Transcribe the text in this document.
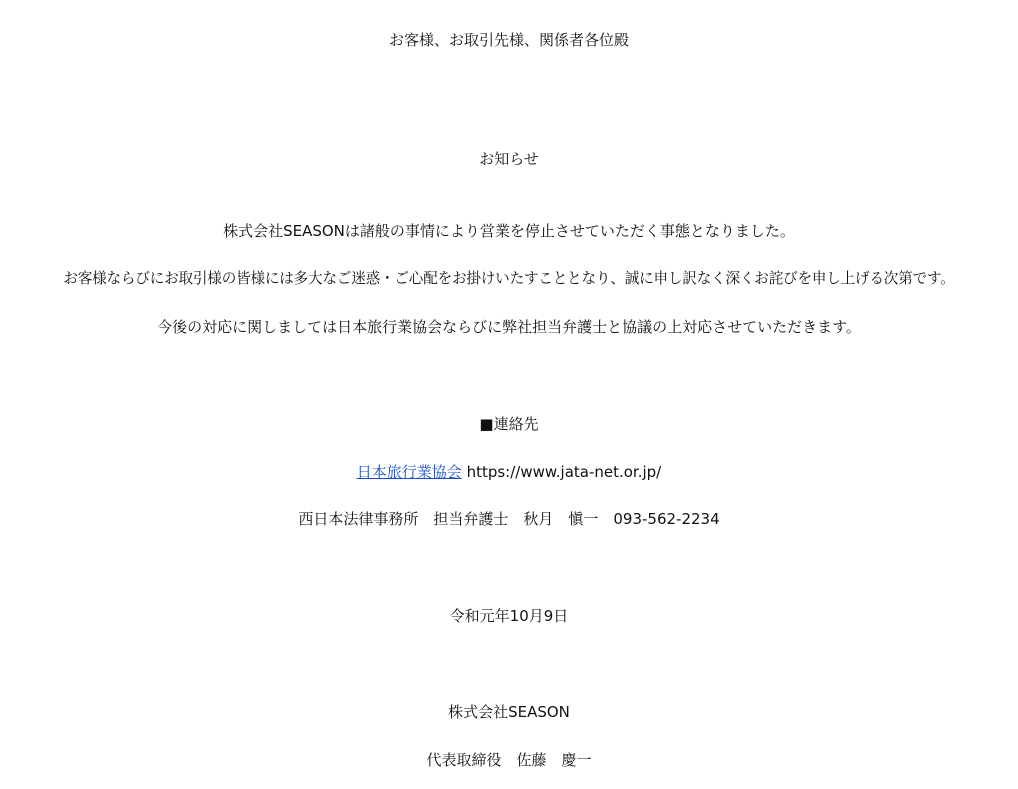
お客様、お取引先様、関係者各位殿
お知らせ
株式会社SEASONは諸般の事情により営業を停止させていただく事態となりました。
お客様ならびにお取引様の皆様には多大なご迷惑・ご心配をお掛けいたすこととなり、誠に申し訳なく深くお詫びを申し上げる次第です。
今後の対応に関しましては日本旅行業協会ならびに弊社担当弁護士と協議の上対応させていただきます。
■連絡先
日本旅行業協会 https://www.jata-net.or.jp/
西日本法律事務所　担当弁護士　秋月　愼一　093-562-2234
令和元年10月9日
株式会社SEASON
代表取締役　佐藤　慶一
